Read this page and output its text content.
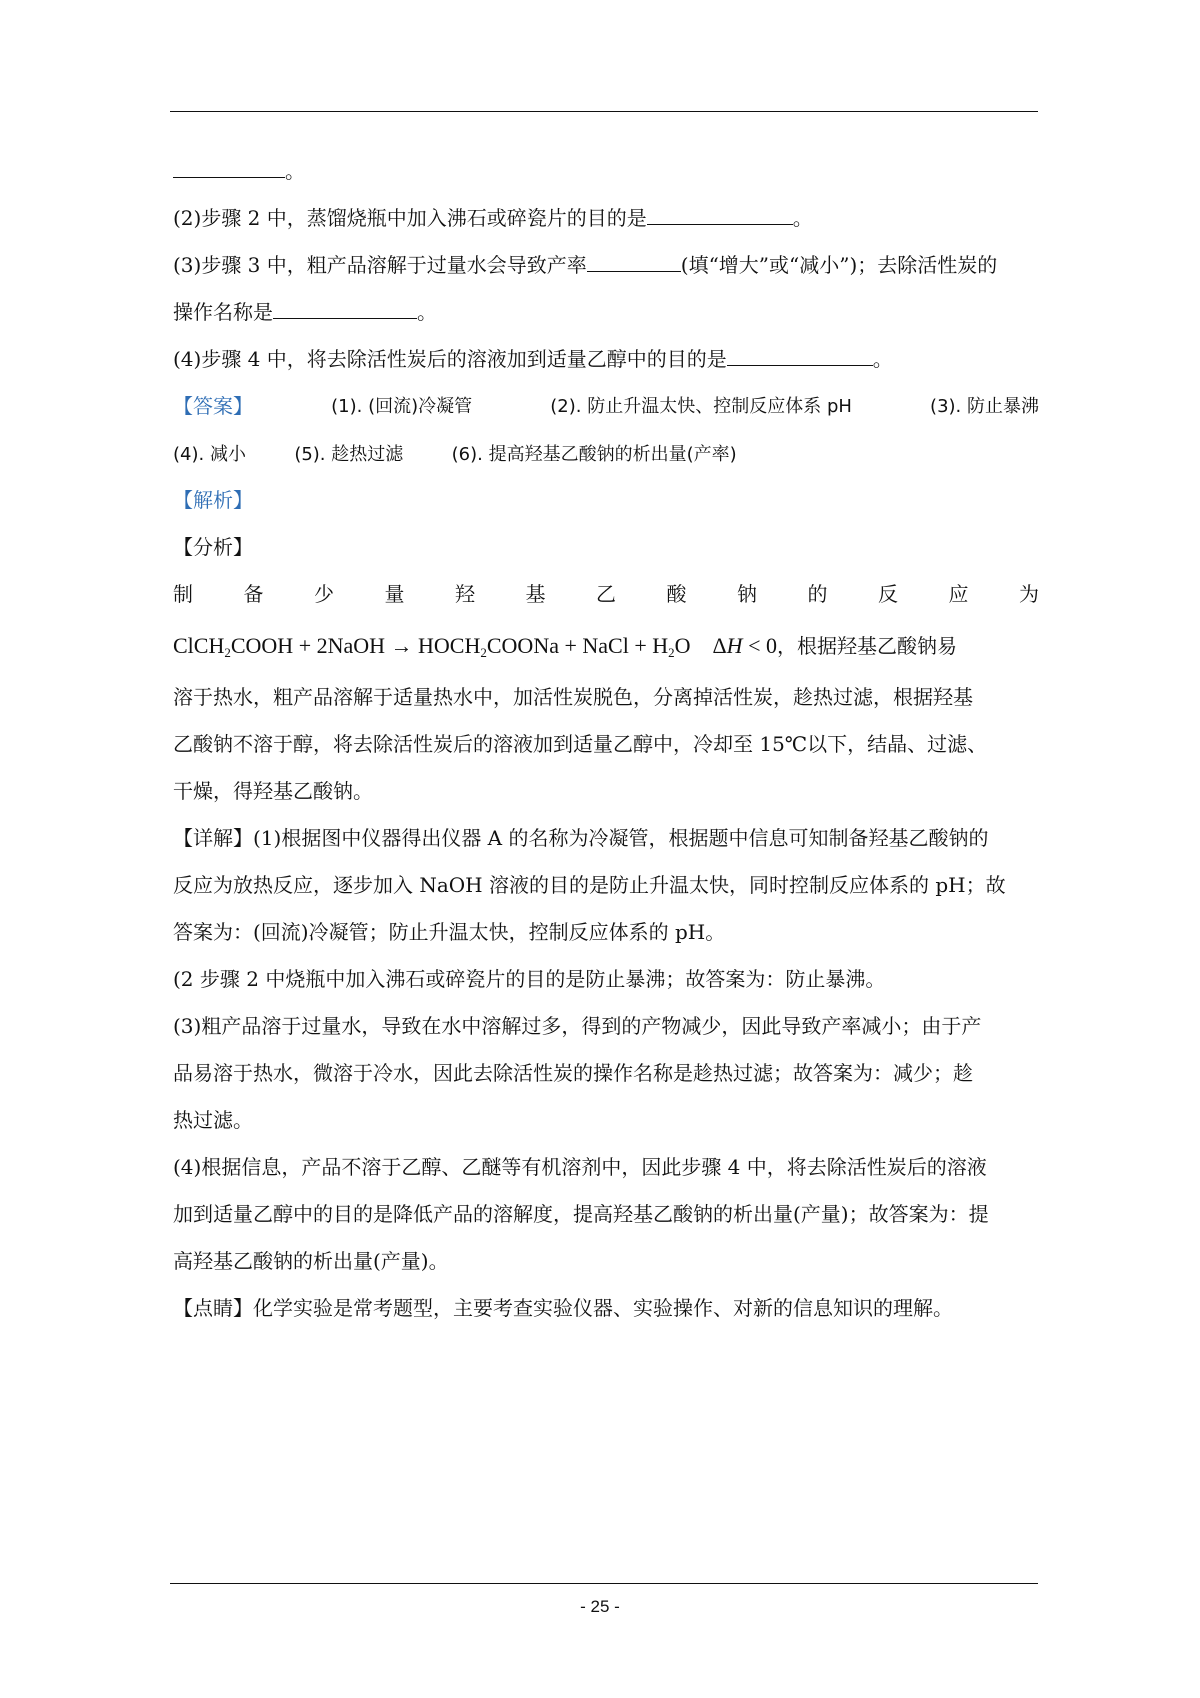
。
(2)步骤 2 中，蒸馏烧瓶中加入沸石或碎瓷片的目的是	。
(3)步骤 3 中，粗产品溶解于过量水会导致产率	(填“增大”或“减小”)；去除活性炭的
操作名称是	。
(4)步骤 4 中，将去除活性炭后的溶液加到适量乙醇中的目的是	。
【答案】	(1). (回流)冷凝管	(2). 防止升温太快、控制反应体系 pH	(3). 防止暴沸
(4). 减小	(5). 趁热过滤	(6). 提高羟基乙酸钠的析出量(产率)
【解析】
【分析】
制	备	少	量	羟	基	乙	酸	钠	的	反	应	为
ClCH$_2$COOH + 2NaOH → $HOCH_2COONa$ + NaCl + $H_2O$    ΔH < 0，根据羟基乙酸钠易
溶于热水，粗产品溶解于适量热水中，加活性炭脱色，分离掉活性炭，趁热过滤，根据羟基
乙酸钠不溶于醇，将去除活性炭后的溶液加到适量乙醇中，冷却至 15℃以下，结晶、过滤、
干燥，得羟基乙酸钠。
【详解】(1)根据图中仪器得出仪器 A 的名称为冷凝管，根据题中信息可知制备羟基乙酸钠的
反应为放热反应，逐步加入 NaOH 溶液的目的是防止升温太快，同时控制反应体系的 pH；故
答案为：(回流)冷凝管；防止升温太快，控制反应体系的 pH。
(2 步骤 2 中烧瓶中加入沸石或碎瓷片的目的是防止暴沸；故答案为：防止暴沸。
(3)粗产品溶于过量水，导致在水中溶解过多，得到的产物减少，因此导致产率减小；由于产
品易溶于热水，微溶于冷水，因此去除活性炭的操作名称是趁热过滤；故答案为：减少；趁
热过滤。
(4)根据信息，产品不溶于乙醇、乙醚等有机溶剂中，因此步骤 4 中，将去除活性炭后的溶液
加到适量乙醇中的目的是降低产品的溶解度，提高羟基乙酸钠的析出量(产量)；故答案为：提
高羟基乙酸钠的析出量(产量)。
【点睛】化学实验是常考题型，主要考查实验仪器、实验操作、对新的信息知识的理解。
- 25 -
